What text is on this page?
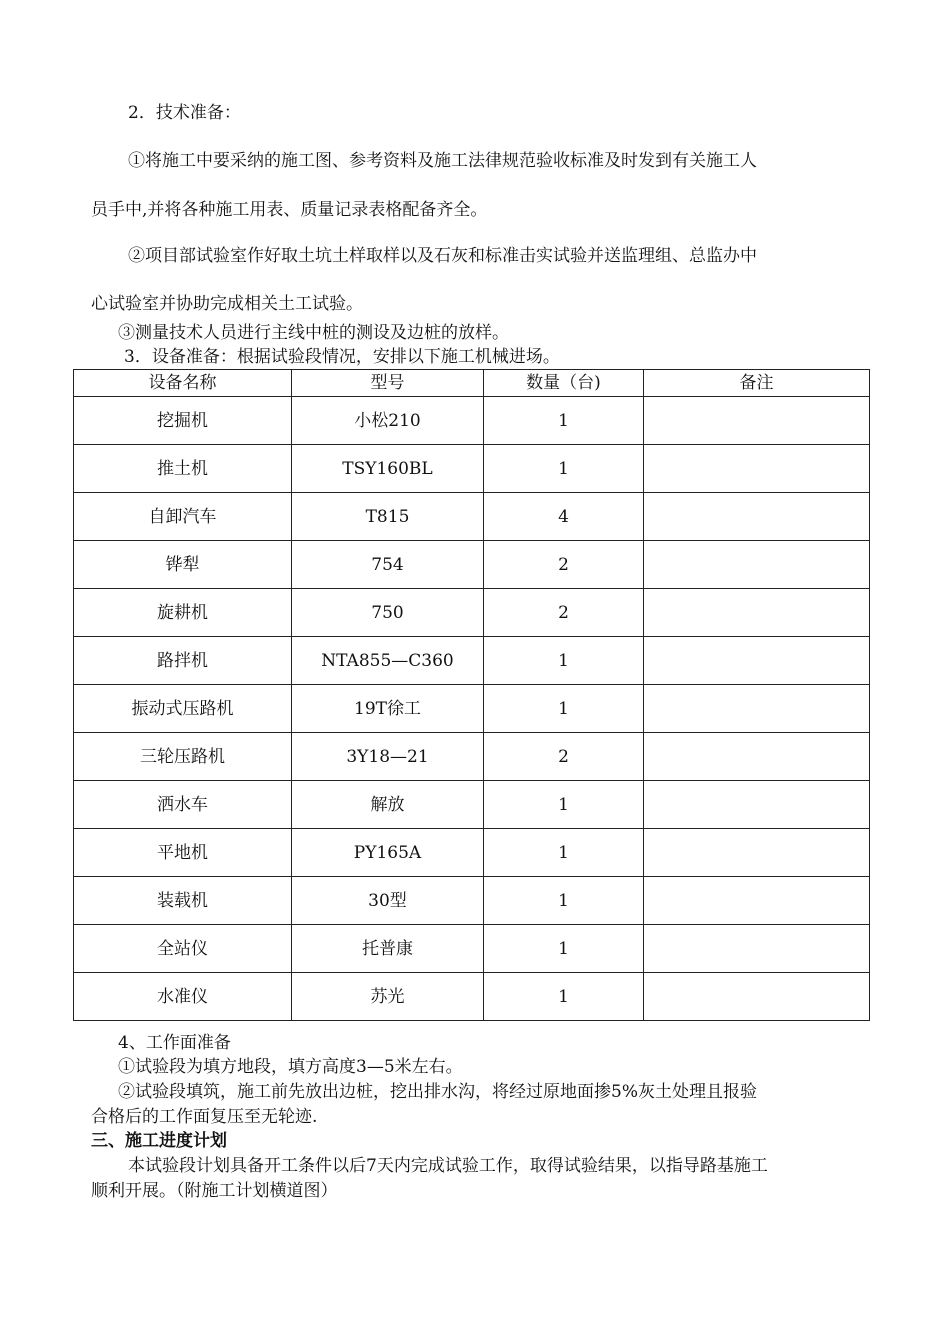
2．技术准备：
①将施工中要采纳的施工图、参考资料及施工法律规范验收标准及时发到有关施工人
员手中,并将各种施工用表、质量记录表格配备齐全。
②项目部试验室作好取土坑土样取样以及石灰和标准击实试验并送监理组、总监办中
心试验室并协助完成相关土工试验。
③测量技术人员进行主线中桩的测设及边桩的放样。
3．设备准备：根据试验段情况，安排以下施工机械进场。
设备名称	型号	数量（台)	备注
挖掘机	小松210	1	
推土机	TSY160BL	1	
自卸汽车	T815	4	
铧犁	754	2	
旋耕机	750	2	
路拌机	NTA855—C360	1	
振动式压路机	19T徐工	1	
三轮压路机	3Y18—21	2	
洒水车	解放	1	
平地机	PY165A	1	
装载机	30型	1	
全站仪	托普康	1	
水准仪	苏光	1	
4、工作面准备
①试验段为填方地段，填方高度3—5米左右。
②试验段填筑，施工前先放出边桩，挖出排水沟，将经过原地面掺5%灰土处理且报验
合格后的工作面复压至无轮迹.
三、施工进度计划
本试验段计划具备开工条件以后7天内完成试验工作，取得试验结果，以指导路基施工
顺利开展。（附施工计划横道图）
